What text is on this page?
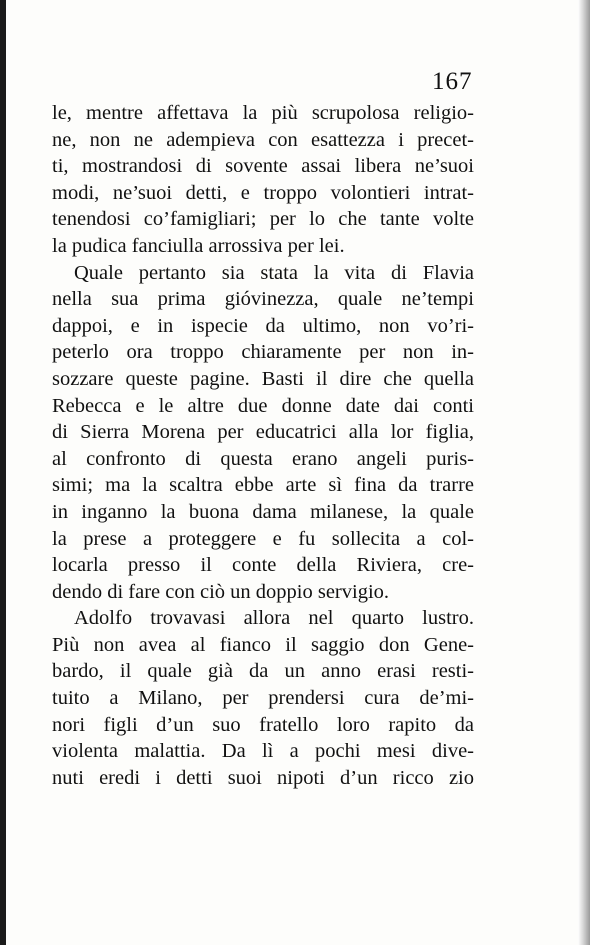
167
le, mentre affettava la più scrupolosa religio-
ne, non ne adempieva con esattezza i precet-
ti, mostrandosi di sovente assai libera ne’suoi
modi, ne’suoi detti, e troppo volontieri intrat-
tenendosi co’famigliari; per lo che tante volte
la pudica fanciulla arrossiva per lei.
Quale pertanto sia stata la vita di Flavia
nella sua prima gióvinezza, quale ne’tempi
dappoi, e in ispecie da ultimo, non vo’ri-
peterlo ora troppo chiaramente per non in-
sozzare queste pagine. Basti il dire che quella
Rebecca e le altre due donne date dai conti
di Sierra Morena per educatrici alla lor figlia,
al confronto di questa erano angeli puris-
simi; ma la scaltra ebbe arte sì fina da trarre
in inganno la buona dama milanese, la quale
la prese a proteggere e fu sollecita a col-
locarla presso il conte della Riviera, cre-
dendo di fare con ciò un doppio servigio.
Adolfo trovavasi allora nel quarto lustro.
Più non avea al fianco il saggio don Gene-
bardo, il quale già da un anno erasi resti-
tuito a Milano, per prendersi cura de’mi-
nori figli d’un suo fratello loro rapito da
violenta malattia. Da lì a pochi mesi dive-
nuti eredi i detti suoi nipoti d’un ricco zio
